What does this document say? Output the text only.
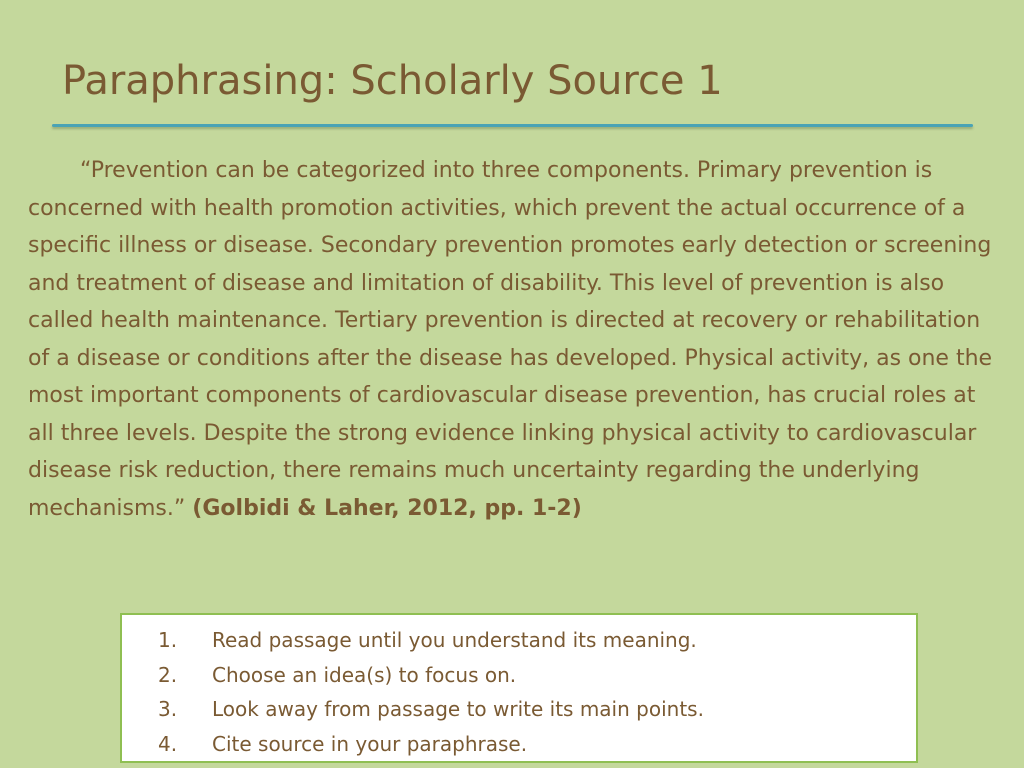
Paraphrasing: Scholarly Source 1

“Prevention can be categorized into three components. Primary prevention is concerned with health promotion activities, which prevent the actual occurrence of a specific illness or disease. Secondary prevention promotes early detection or screening and treatment of disease and limitation of disability. This level of prevention is also called health maintenance. Tertiary prevention is directed at recovery or rehabilitation of a disease or conditions after the disease has developed. Physical activity, as one the most important components of cardiovascular disease prevention, has crucial roles at all three levels. Despite the strong evidence linking physical activity to cardiovascular disease risk reduction, there remains much uncertainty regarding the underlying mechanisms.” (Golbidi & Laher, 2012, pp. 1-2)

1.	Read passage until you understand its meaning.
2.	Choose an idea(s) to focus on.
3.	Look away from passage to write its main points.
4.	Cite source in your paraphrase.
